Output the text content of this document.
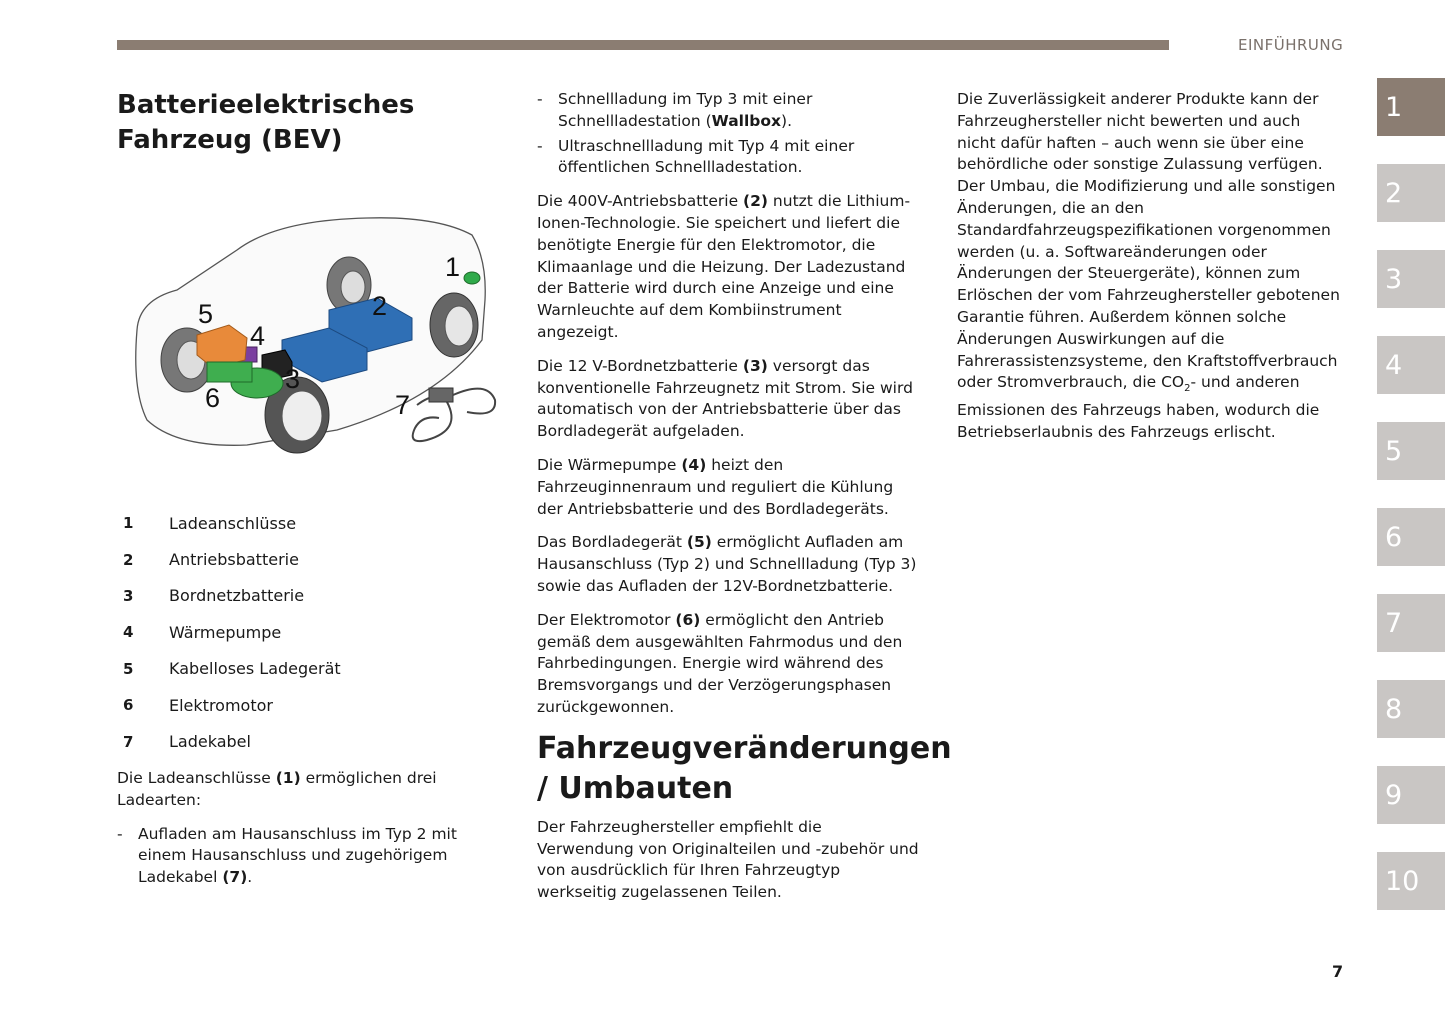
EINFÜHRUNG
1
2
3
4
5
6
7
8
9
10
Batterieelektrisches Fahrzeug (BEV)
1
2
3
4
5
6	7
1	Ladeanschlüsse
2	Antriebsbatterie
3	Bordnetzbatterie
4	Wärmepumpe
5	Kabelloses Ladegerät
6	Elektromotor
7	Ladekabel

Die Ladeanschlüsse (1) ermöglichen drei Ladearten:

- Aufladen am Hausanschluss im Typ 2 mit einem Hausanschluss und zugehörigem Ladekabel (7).
- Schnellladung im Typ 3 mit einer Schnellladestation (Wallbox).
- Ultraschnellladung mit Typ 4 mit einer öffentlichen Schnellladestation.

Die 400V-Antriebsbatterie (2) nutzt die Lithium-Ionen-Technologie. Sie speichert und liefert die benötigte Energie für den Elektromotor, die Klimaanlage und die Heizung. Der Ladezustand der Batterie wird durch eine Anzeige und eine Warnleuchte auf dem Kombiinstrument angezeigt.

Die 12 V-Bordnetzbatterie (3) versorgt das konventionelle Fahrzeugnetz mit Strom. Sie wird automatisch von der Antriebsbatterie über das Bordladegerät aufgeladen.

Die Wärmepumpe (4) heizt den Fahrzeuginnenraum und reguliert die Kühlung der Antriebsbatterie und des Bordladegeräts.

Das Bordladegerät (5) ermöglicht Aufladen am Hausanschluss (Typ 2) und Schnellladung (Typ 3) sowie das Aufladen der 12V-Bordnetzbatterie.

Der Elektromotor (6) ermöglicht den Antrieb gemäß dem ausgewählten Fahrmodus und den Fahrbedingungen. Energie wird während des Bremsvorgangs und der Verzögerungsphasen zurückgewonnen.

Fahrzeugveränderungen / Umbauten

Der Fahrzeughersteller empfiehlt die Verwendung von Originalteilen und -zubehör und von ausdrücklich für Ihren Fahrzeugtyp werkseitig zugelassenen Teilen.

Die Zuverlässigkeit anderer Produkte kann der Fahrzeughersteller nicht bewerten und auch nicht dafür haften – auch wenn sie über eine behördliche oder sonstige Zulassung verfügen. Der Umbau, die Modifizierung und alle sonstigen Änderungen, die an den Standardfahrzeugspezifikationen vorgenommen werden (u. a. Softwareänderungen oder Änderungen der Steuergeräte), können zum Erlöschen der vom Fahrzeughersteller gebotenen Garantie führen. Außerdem können solche Änderungen Auswirkungen auf die Fahrerassistenzsysteme, den Kraftstoffverbrauch oder Stromverbrauch, die $CO_2-$ und anderen Emissionen des Fahrzeugs haben, wodurch die Betriebserlaubnis des Fahrzeugs erlischt.

7
